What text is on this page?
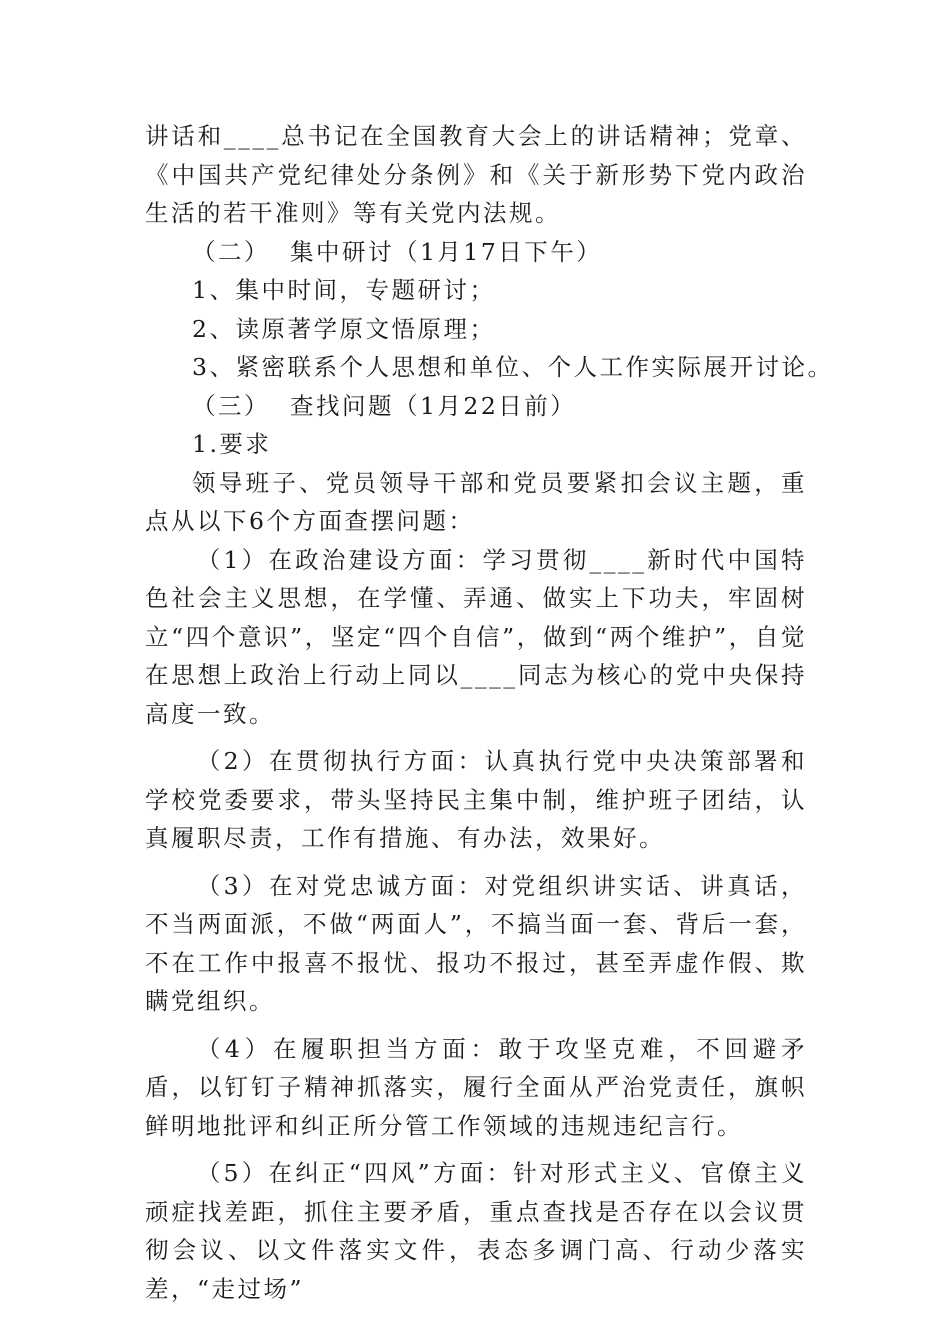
讲话和____总书记在全国教育大会上的讲话精神；党章、《中国共产党纪律处分条例》和《关于新形势下党内政治生活的若干准则》等有关党内法规。

（二）  集中研讨（1月17日下午）

1、集中时间，专题研讨；

2、读原著学原文悟原理；

3、紧密联系个人思想和单位、个人工作实际展开讨论。

（三）  查找问题（1月22日前）

1.要求

领导班子、党员领导干部和党员要紧扣会议主题，重点从以下6个方面查摆问题：

（1）在政治建设方面：学习贯彻____新时代中国特色社会主义思想，在学懂、弄通、做实上下功夫，牢固树立“四个意识”，坚定“四个自信”，做到“两个维护”，自觉在思想上政治上行动上同以____同志为核心的党中央保持高度一致。

（2）在贯彻执行方面：认真执行党中央决策部署和学校党委要求，带头坚持民主集中制，维护班子团结，认真履职尽责，工作有措施、有办法，效果好。

（3）在对党忠诚方面：对党组织讲实话、讲真话，不当两面派，不做“两面人”，不搞当面一套、背后一套，不在工作中报喜不报忧、报功不报过，甚至弄虚作假、欺瞒党组织。

（4）在履职担当方面：敢于攻坚克难，不回避矛盾，以钉钉子精神抓落实，履行全面从严治党责任，旗帜鲜明地批评和纠正所分管工作领域的违规违纪言行。

（5）在纠正“四风”方面：针对形式主义、官僚主义顽症找差距，抓住主要矛盾，重点查找是否存在以会议贯彻会议、以文件落实文件，表态多调门高、行动少落实差，“走过场”
